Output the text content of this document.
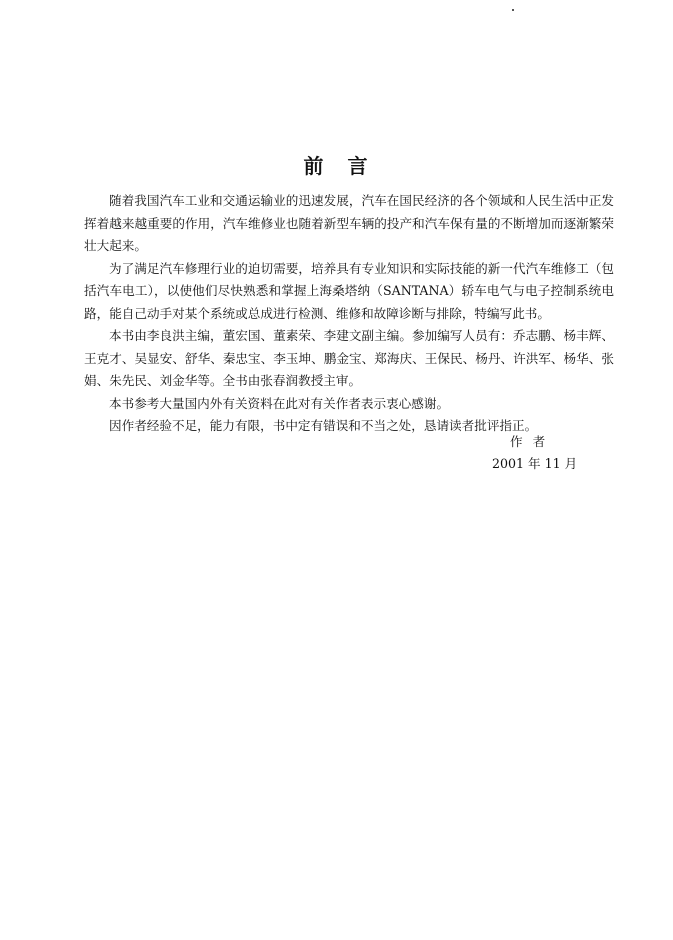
前　言

随着我国汽车工业和交通运输业的迅速发展，汽车在国民经济的各个领域和人民生活中正发挥着越来越重要的作用，汽车维修业也随着新型车辆的投产和汽车保有量的不断增加而逐渐繁荣壮大起来。

为了满足汽车修理行业的迫切需要，培养具有专业知识和实际技能的新一代汽车维修工（包括汽车电工），以使他们尽快熟悉和掌握上海桑塔纳（SANTANA）轿车电气与电子控制系统电路，能自己动手对某个系统或总成进行检测、维修和故障诊断与排除，特编写此书。

本书由李良洪主编，董宏国、董素荣、李建文副主编。参加编写人员有：乔志鹏、杨丰辉、王克才、吴显安、舒华、秦忠宝、李玉坤、鹏金宝、郑海庆、王保民、杨丹、许洪军、杨华、张娟、朱先民、刘金华等。全书由张春润教授主审。

本书参考大量国内外有关资料在此对有关作者表示衷心感谢。

因作者经验不足，能力有限，书中定有错误和不当之处，恳请读者批评指正。

作者
2001 年 11 月
